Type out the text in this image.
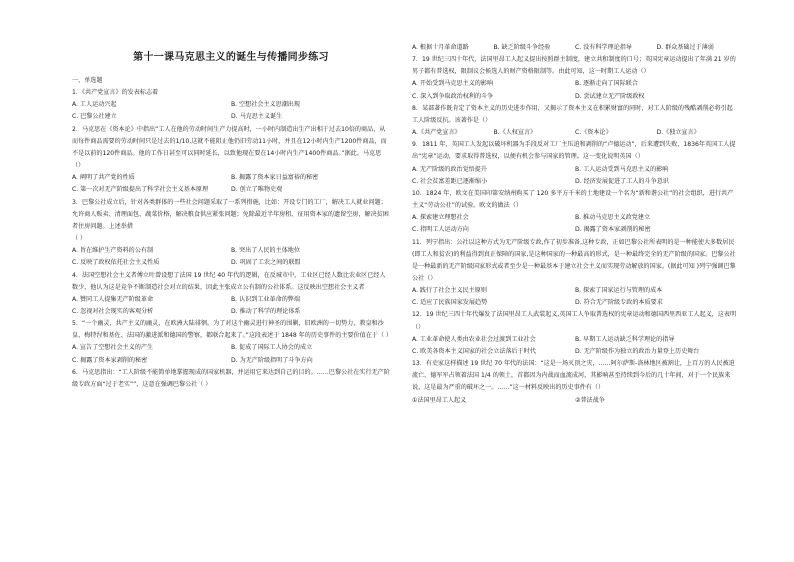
第十一课马克思主义的诞生与传播同步练习

一、单选题

1．《共产党宣言》的发表标志着

A. 工人运动兴起	B. 空想社会主义思潮出现
C. 巴黎公社建立	D. 马克思主义诞生

2．马克思在《资本论》中指出“工人在他的劳动时间生产力提高时，一小时内制造出生产出相于过去10倍的商品，从而每件商品需要的劳动时间只是过去的1/10,这就不能阻止他仍旧劳动11小时，并且在12小时内生产1200件商品，而不是以前的120件商品。他的工作日甚至可以同时延长，以致他现在要在14小时内生产1400件商品。”据此，马克思（）

A. 阐明了共产党的性质	B. 揭露了资本家日益富裕的秘密
C. 第一次对无产阶级提出了科学社会主义基本原理	D. 创立了唯物史观

3．巴黎公社成立后，针对各类群体的一些社会问题采取了一系列措施，比如：开设专门的工厂，解决工人就业问题；允许商人贩卖、清理面包、蔬菜价格，解决粮食供应紧张问题；免除最近半年房租、征用资本家的遗留空房，解决贫困者住房问题。上述举措

（ ）

A. 旨在维护生产资料的公有制	B. 突出了人民的主体地位
C. 反映了政权依托社会主义性质	D. 巩固了工农之间的联盟

4．法国空想社会主义者傅立叶曾设想了法国 19 世纪 40 年代的逻辑，在反城市中，工业区已经人数比农业区已经人数少，他认为这是竞争不断制造社会对立的结果，因此主张成立公有制的公社体系。这反映出空想社会主义者

A. 赞同工人提集无产阶级革命	B. 认识到工业革命的弊端
C. 忽视对社会现实的客观分析	D. 推动了科学的理论体系

5．“一个幽灵，共产主义的幽灵，在欧洲大陆徘徊。为了对这个幽灵进行神圣的围剿，旧欧洲的一切势力，教皇和沙皇、梅特涅和基佐、法国的激进派和德国的警察，都联合起来了。”这段表述于 1848 年的历史事件的主要价值在于（ ）

A. 宣告了空想社会主义的产生	B. 促成了国际工人协会的成立
C. 揭露了资本家剥削的秘密	D. 为无产阶级指明了斗争方向

6．马克思指出：“工人阶级不能简单地掌握现成的国家机器，并运用它来达到自己的目的。……巴黎公社在实行无产阶级专政方面“过于老实””，这意在强调巴黎公社（ ）

A. 根据十月革命道路	B. 缺乏阶级斗争经验	C. 没有科学理论指导	D. 群众基础过于薄弱

7．19 世纪三四十年代，法国里昂工人起义提出按照群主制度，建立共和制度的口号；英国宪章运动提出了年满 21 岁的男子都有普选权，限制议会候选人的财产资格限制等。由此可知，这一时期工人运动（）

A. 开始受到马克思主义的影响	B. 逐渐走向了国际联合
C. 深入到争取政治权利的斗争	D. 尝试建立无产阶级政权

8．某部著作既肯定了资本主义的历史进步作用，又揭示了资本主义在积累财富的同时，对工人阶级的残酷剥削必将引起工人阶级反抗。该著作是（）

A.《共产党宣言》	B.《人权宣言》	C.《资本论》	D.《独立宣言》

9．1811 年，英国工人发起以破坏机器为手段反对工厂主压迫和剥削的“卢德运动”，后来遭到失败，1836年英国工人提出“宪章”运动，要求取得普选权，以便有机会参与国家的管理。这一变化说明英国（）

A. 无产阶级的政治觉悟提升	B. 工人运动受到马克思主义的影响
C. 社会贫富差距已逐渐缩小	D. 经济发展促进了工人的斗争意识

10．1824 年，欧文在美国印第安纳州购买了 120 多平方千米的土地建设一个名为“新和谐公社”的社会组织，进行共产主义“劳动公社”的试验。欧文的做法（）

A. 探索建立理想社会	B. 推动马克思主义政党建立
C. 指明工人运动方向	D. 揭露了资本家剥削的秘密

11．列宁指出：公社以这种方式为无产阶级专政,作了初步准备,这种专政，正如巴黎公社所表明的是一种能使大多数居民(即工人和贫农)的利益得到真正保障的国家,是这种国家的一种最高的形式，是一种最终完全的无产阶级的国家。巴黎公社是一种最新的无产阶级国家形式或者至少是一种最基本于建立社会主义而实现劳动解放的国家。(据此可知 )列宁强调巴黎公社（）

A. 践行了社会主义民主原则	B. 探索了国家运行与管理的成本
C. 适应了民族国家发展趋势	D. 符合无产阶级专政的本质要求

12．19 世纪三四十年代爆发了法国里昂工人武装起义,英国工人争取普选权的宪章运动和德国西里西亚工人起义，这表明（）

A. 工业革命使人类由农业社会过渡到工业社会	B. 早期工人运动缺乏科学理论的指导
C. 欧美各资本主义国家的社会立法落后于时代	D. 无产阶级作为独立的政治力量登上历史舞台

13．有史家这样描述 19 世纪 70 年代的法国：“这是一场灭顶之灾，……阿尔萨斯-洛林地区被割让，上百万的人民被迫流亡，德军军占领着法国 1/4 的领土，首都因为内战而血流成河，其影响甚至持续到今后的几十年间，对于一个民族来说，这是最为严重的破坏之一。……”这一材料反映出的历史事件有（）

①法国里昂工人起义	②普法战争
